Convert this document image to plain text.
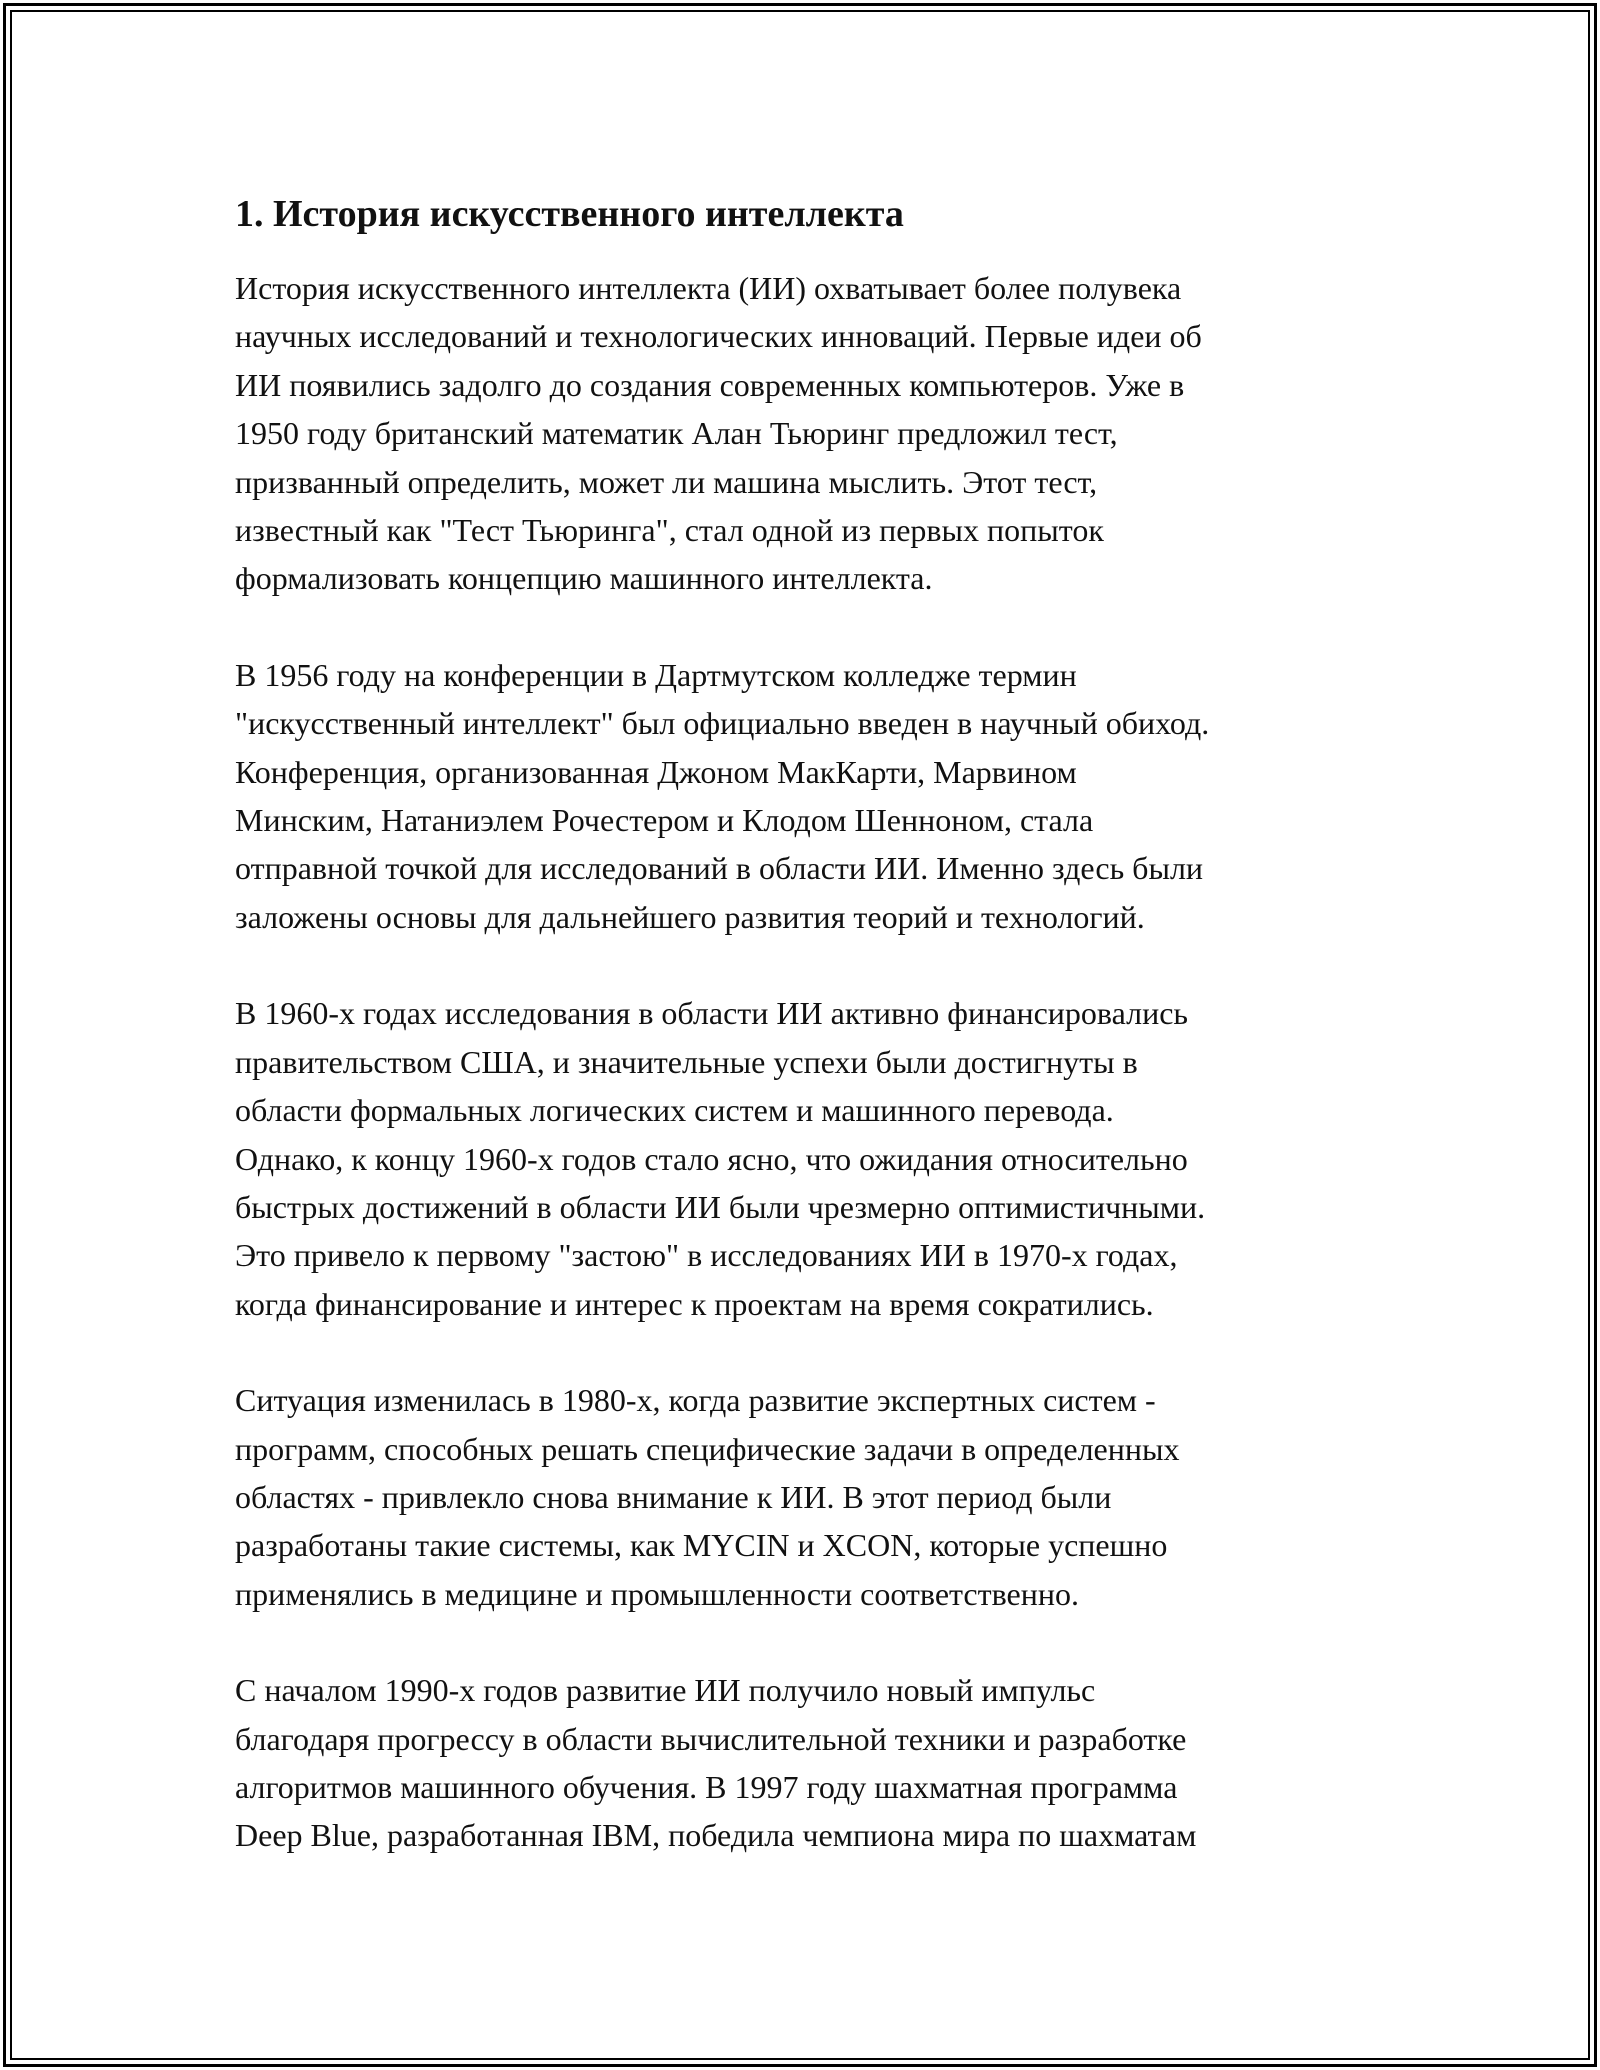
1. История искусственного интеллекта

История искусственного интеллекта (ИИ) охватывает более полувека
научных исследований и технологических инноваций. Первые идеи об
ИИ появились задолго до создания современных компьютеров. Уже в
1950 году британский математик Алан Тьюринг предложил тест,
призванный определить, может ли машина мыслить. Этот тест,
известный как "Тест Тьюринга", стал одной из первых попыток
формализовать концепцию машинного интеллекта.

В 1956 году на конференции в Дартмутском колледже термин
"искусственный интеллект" был официально введен в научный обиход.
Конференция, организованная Джоном МакКарти, Марвином
Минским, Натаниэлем Рочестером и Клодом Шенноном, стала
отправной точкой для исследований в области ИИ. Именно здесь были
заложены основы для дальнейшего развития теорий и технологий.

В 1960-х годах исследования в области ИИ активно финансировались
правительством США, и значительные успехи были достигнуты в
области формальных логических систем и машинного перевода.
Однако, к концу 1960-х годов стало ясно, что ожидания относительно
быстрых достижений в области ИИ были чрезмерно оптимистичными.
Это привело к первому "застою" в исследованиях ИИ в 1970-х годах,
когда финансирование и интерес к проектам на время сократились.

Ситуация изменилась в 1980-х, когда развитие экспертных систем -
программ, способных решать специфические задачи в определенных
областях - привлекло снова внимание к ИИ. В этот период были
разработаны такие системы, как MYCIN и XCON, которые успешно
применялись в медицине и промышленности соответственно.

С началом 1990-х годов развитие ИИ получило новый импульс
благодаря прогрессу в области вычислительной техники и разработке
алгоритмов машинного обучения. В 1997 году шахматная программа
Deep Blue, разработанная IBM, победила чемпиона мира по шахматам
